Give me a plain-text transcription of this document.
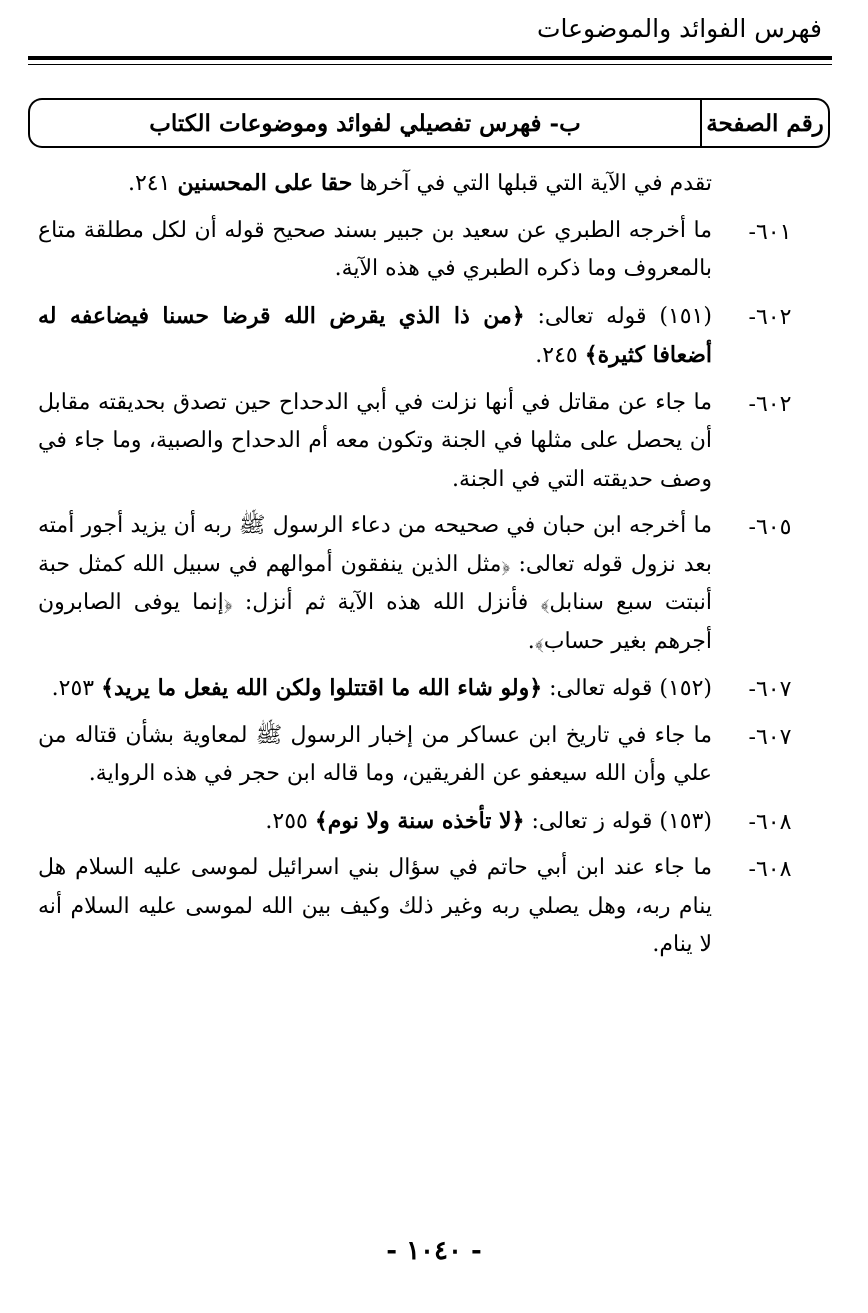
فهرس الفوائد والموضوعات
رقم الصفحة
ب- فهرس تفصيلي لفوائد وموضوعات الكتاب
تقدم في الآية التي قبلها التي في آخرها حقا على المحسنين ٢٤١.
٦٠١-
ما أخرجه الطبري عن سعيد بن جبير بسند صحيح قوله أن لكل مطلقة متاع بالمعروف وما ذكره الطبري في هذه الآية.
٦٠٢-
(١٥١) قوله تعالى: ﴿من ذا الذي يقرض الله قرضا حسنا فيضاعفه له أضعافا كثيرة﴾ ٢٤٥.
٦٠٢-
ما جاء عن مقاتل في أنها نزلت في أبي الدحداح حين تصدق بحديقته مقابل أن يحصل على مثلها في الجنة وتكون معه أم الدحداح والصبية، وما جاء في وصف حديقته التي في الجنة.
٦٠٥-
ما أخرجه ابن حبان في صحيحه من دعاء الرسول ﷺ ربه أن يزيد أجور أمته بعد نزول قوله تعالى: ﴿مثل الذين ينفقون أموالهم في سبيل الله كمثل حبة أنبتت سبع سنابل﴾ فأنزل الله هذه الآية ثم أنزل: ﴿إنما يوفى الصابرون أجرهم بغير حساب﴾.
٦٠٧-
(١٥٢) قوله تعالى: ﴿ولو شاء الله ما اقتتلوا ولكن الله يفعل ما يريد﴾ ٢٥٣.
٦٠٧-
ما جاء في تاريخ ابن عساكر من إخبار الرسول ﷺ لمعاوية بشأن قتاله من علي وأن الله سيعفو عن الفريقين، وما قاله ابن حجر في هذه الرواية.
٦٠٨-
(١٥٣) قوله ز تعالى: ﴿لا تأخذه سنة ولا نوم﴾ ٢٥٥.
٦٠٨-
ما جاء عند ابن أبي حاتم في سؤال بني اسرائيل لموسى عليه السلام هل ينام ربه، وهل يصلي ربه وغير ذلك وكيف بين الله لموسى عليه السلام أنه لا ينام.
- ١٠٤٠ -
